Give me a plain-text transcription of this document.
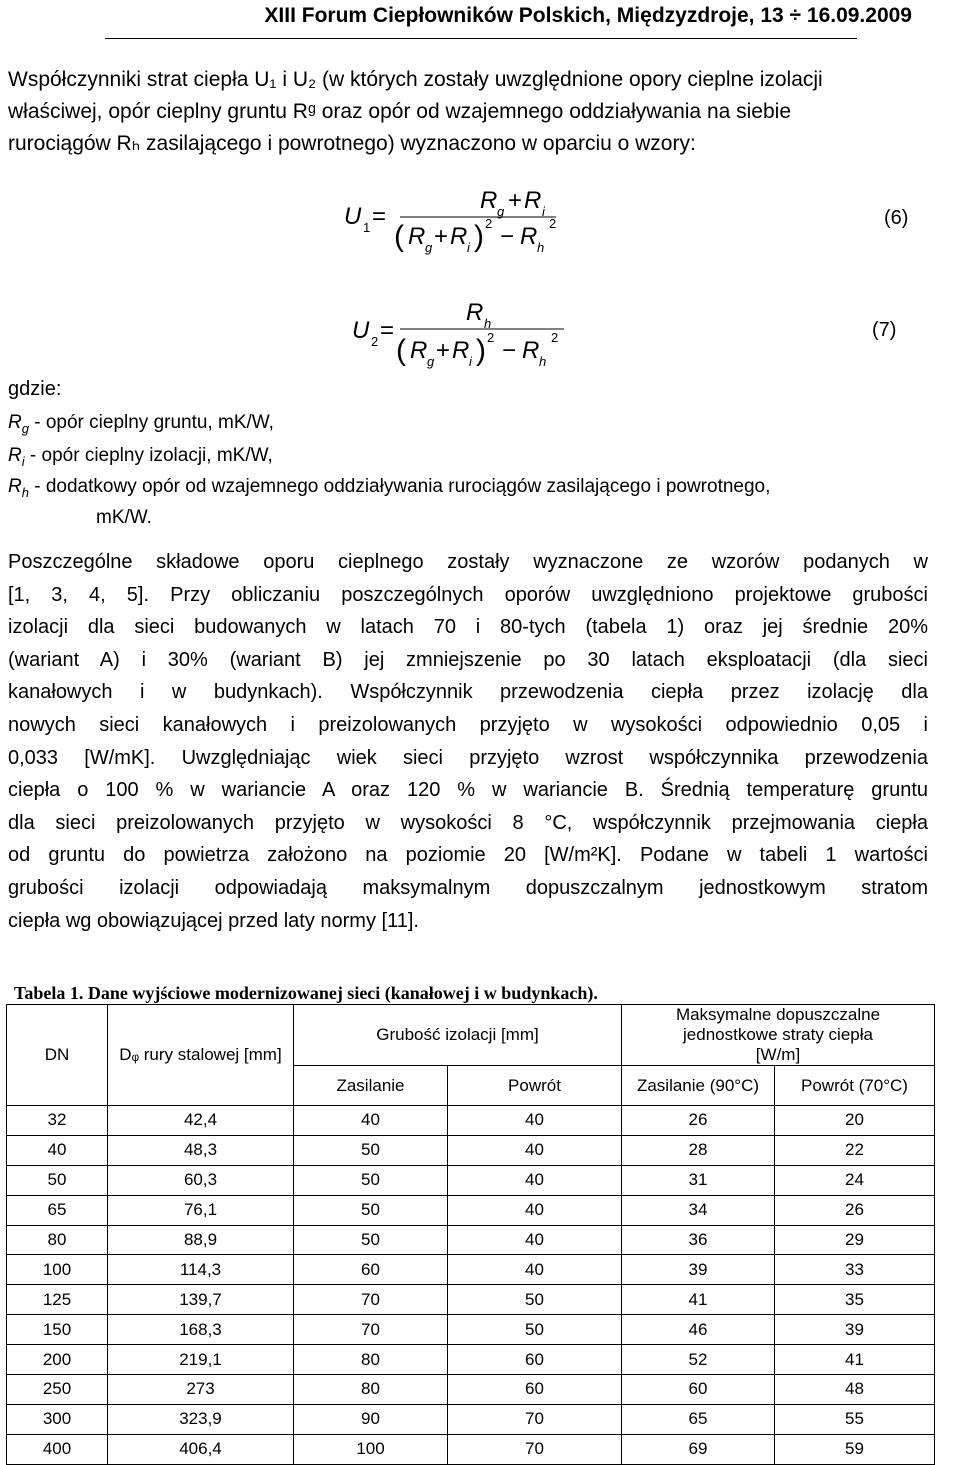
XIII Forum Ciepłowników Polskich, Międzyzdroje, 13 ÷ 16.09.2009
Współczynniki strat ciepła U₁ i U₂ (w których zostały uwzględnione opory cieplne izolacji
właściwej, opór cieplny gruntu Rᵍ oraz opór od wzajemnego oddziaływania na siebie
rurociągów Rₕ zasilającego i powrotnego) wyznaczono w oparciu o wzory:
U 1 =
R g + R i
( R g + R i ) 2 − R h
2	(6)
U 2 =
R h
( R g + R i ) 2 − R h
2	(7)
gdzie:
$R_g$ - opór cieplny gruntu, mK/W,
$R_i$ - opór cieplny izolacji, mK/W,
$R_h$ - dodatkowy opór od wzajemnego oddziaływania rurociągów zasilającego i powrotnego,
mK/W.
Poszczególne składowe oporu cieplnego zostały wyznaczone ze wzorów podanych w
[1, 3, 4, 5]. Przy obliczaniu poszczególnych oporów uwzględniono projektowe grubości
izolacji dla sieci budowanych w latach 70 i 80-tych (tabela 1) oraz jej średnie 20%
(wariant A) i 30% (wariant B) jej zmniejszenie po 30 latach eksploatacji (dla sieci
kanałowych i w budynkach). Współczynnik przewodzenia ciepła przez izolację dla
nowych sieci kanałowych i preizolowanych przyjęto w wysokości odpowiednio 0,05 i
0,033 [W/mK]. Uwzględniając wiek sieci przyjęto wzrost współczynnika przewodzenia
ciepła o 100 % w wariancie A oraz 120 % w wariancie B. Średnią temperaturę gruntu
dla sieci preizolowanych przyjęto w wysokości 8 °C, współczynnik przejmowania ciepła
od gruntu do powietrza założono na poziomie 20 [W/m²K]. Podane w tabeli 1 wartości
grubości izolacji odpowiadają maksymalnym dopuszczalnym jednostkowym stratom
ciepła wg obowiązującej przed laty normy [11].
Tabela 1. Dane wyjściowe modernizowanej sieci (kanałowej i w budynkach).
DN	Dᵩ rury stalowej [mm]	Grubość izolacji [mm]		Maksymalne dopuszczalne jednostkowe straty ciepła [W/m]	
		Zasilanie	Powrót	Zasilanie (90°C)	Powrót (70°C)
32	42,4	40	40	26	20
40	48,3	50	40	28	22
50	60,3	50	40	31	24
65	76,1	50	40	34	26
80	88,9	50	40	36	29
100	114,3	60	40	39	33
125	139,7	70	50	41	35
150	168,3	70	50	46	39
200	219,1	80	60	52	41
250	273	80	60	60	48
300	323,9	90	70	65	55
400	406,4	100	70	69	59
